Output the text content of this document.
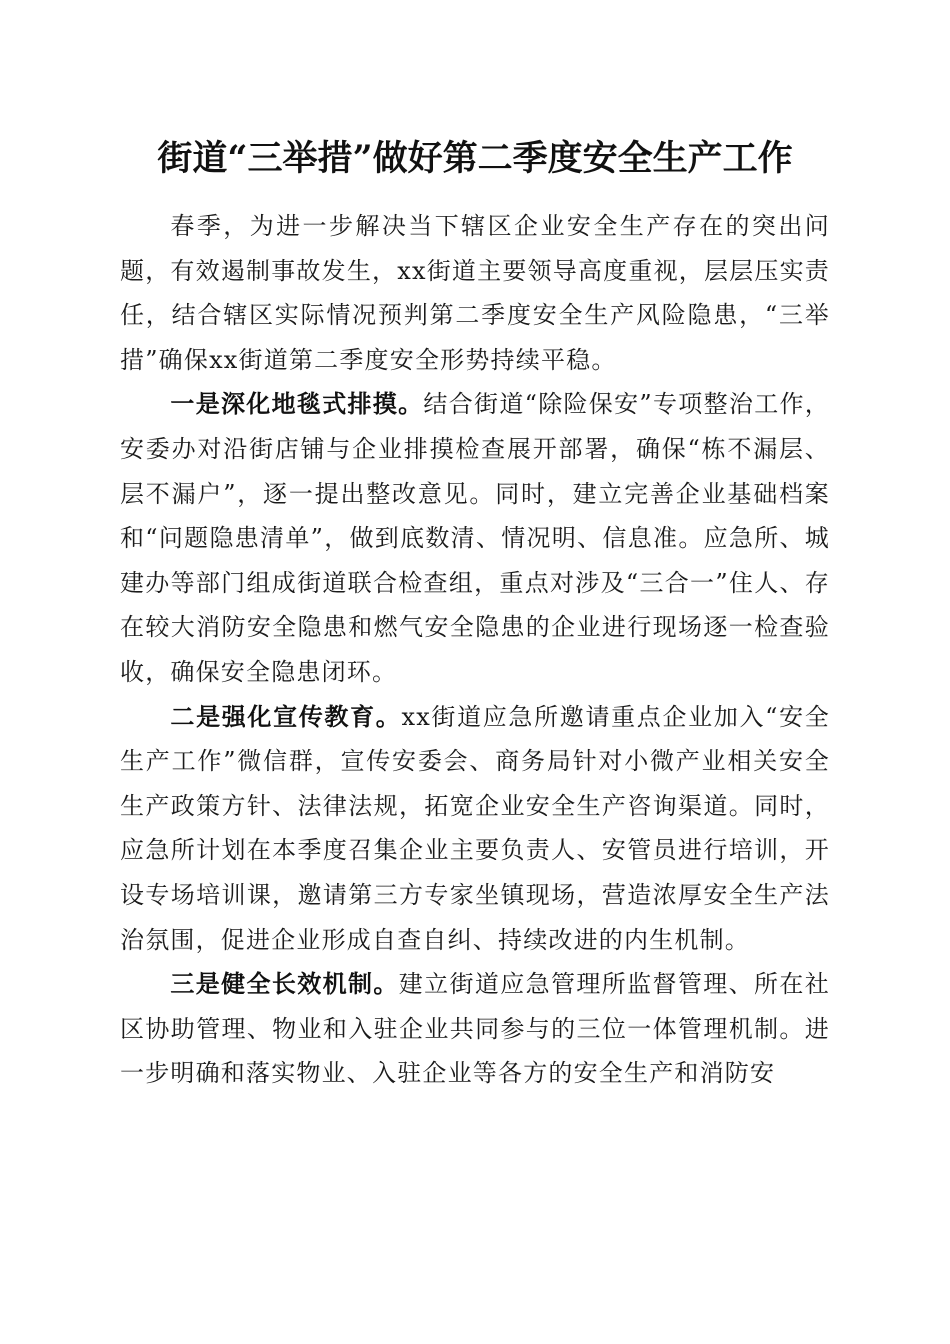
街道“三举措”做好第二季度安全生产工作

春季，为进一步解决当下辖区企业安全生产存在的突出问题，有效遏制事故发生，xx街道主要领导高度重视，层层压实责任，结合辖区实际情况预判第二季度安全生产风险隐患，“三举措”确保xx街道第二季度安全形势持续平稳。

一是深化地毯式排摸。结合街道“除险保安”专项整治工作，安委办对沿街店铺与企业排摸检查展开部署，确保“栋不漏层、层不漏户”，逐一提出整改意见。同时，建立完善企业基础档案和“问题隐患清单”，做到底数清、情况明、信息准。应急所、城建办等部门组成街道联合检查组，重点对涉及“三合一”住人、存在较大消防安全隐患和燃气安全隐患的企业进行现场逐一检查验收，确保安全隐患闭环。

二是强化宣传教育。xx街道应急所邀请重点企业加入“安全生产工作”微信群，宣传安委会、商务局针对小微产业相关安全生产政策方针、法律法规，拓宽企业安全生产咨询渠道。同时，应急所计划在本季度召集企业主要负责人、安管员进行培训，开设专场培训课，邀请第三方专家坐镇现场，营造浓厚安全生产法治氛围，促进企业形成自查自纠、持续改进的内生机制。

三是健全长效机制。建立街道应急管理所监督管理、所在社区协助管理、物业和入驻企业共同参与的三位一体管理机制。进一步明确和落实物业、入驻企业等各方的安全生产和消防安
